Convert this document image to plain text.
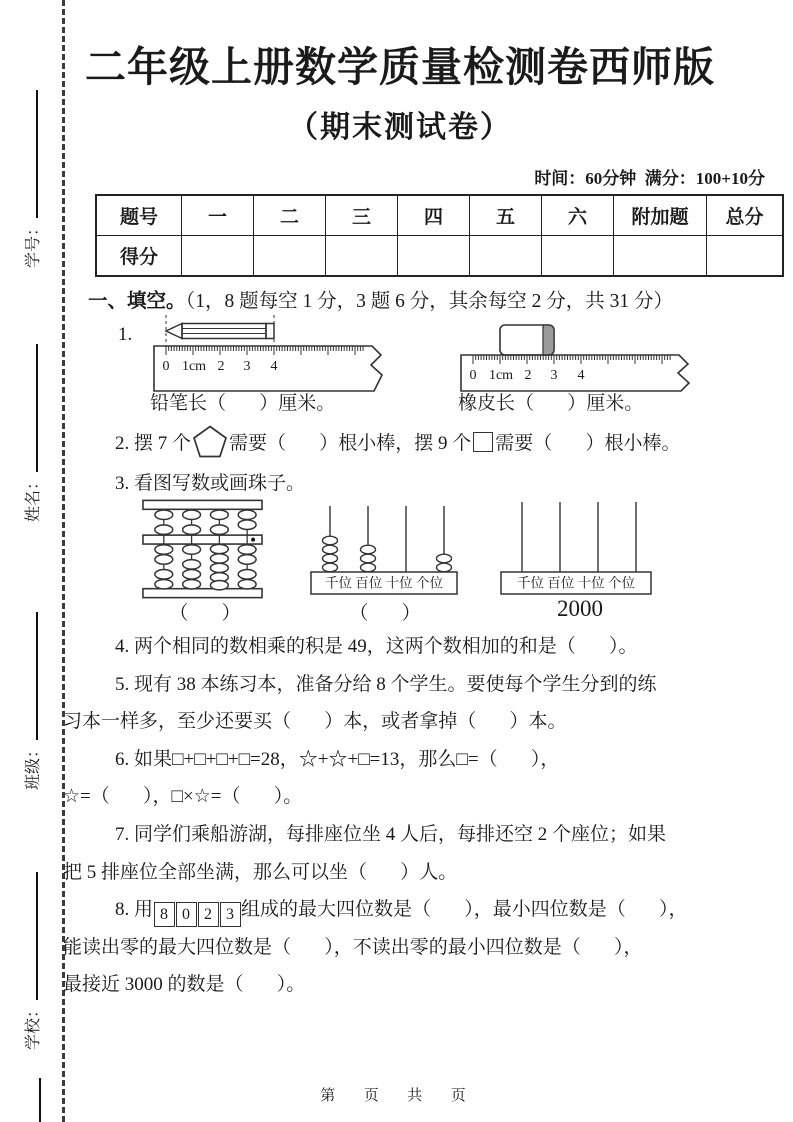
学号：
姓名：
班级：
学校：
二年级上册数学质量检测卷西师版
（期末测试卷）
时间：60分钟  满分：100+10分
题号	一	二	三	四	五	六	附加题	总分
得分								
一、填空。（1，8 题每空 1 分，3 题 6 分，其余每空 2 分，共 31 分）
1.
0 1cm 2 3 4
0 1cm 2 3 4
铅笔长（       ）厘米。	橡皮长（       ）厘米。
2. 摆 7 个 需要（       ）根小棒，摆 9 个 需要（       ）根小棒。
3. 看图写数或画珠子。
千位 百位 十位 个位	千位 百位 十位 个位
（       ）	（       ）	2000
4. 两个相同的数相乘的积是 49，这两个数相加的和是（       ）。
5. 现有 38 本练习本，准备分给 8 个学生。要使每个学生分到的练
习本一样多，至少还要买（       ）本，或者拿掉（       ）本。
6. 如果□+□+□+□=28，☆+☆+□=13，那么□=（       ），
☆=（       ），□×☆=（       ）。
7. 同学们乘船游湖，每排座位坐 4 人后，每排还空 2 个座位；如果
把 5 排座位全部坐满，那么可以坐（       ）人。
8. 用 8 0 2 3 组成的最大四位数是（       ），最小四位数是（       ），
能读出零的最大四位数是（       ），不读出零的最小四位数是（       ），
最接近 3000 的数是（       ）。
第  页  共  页
